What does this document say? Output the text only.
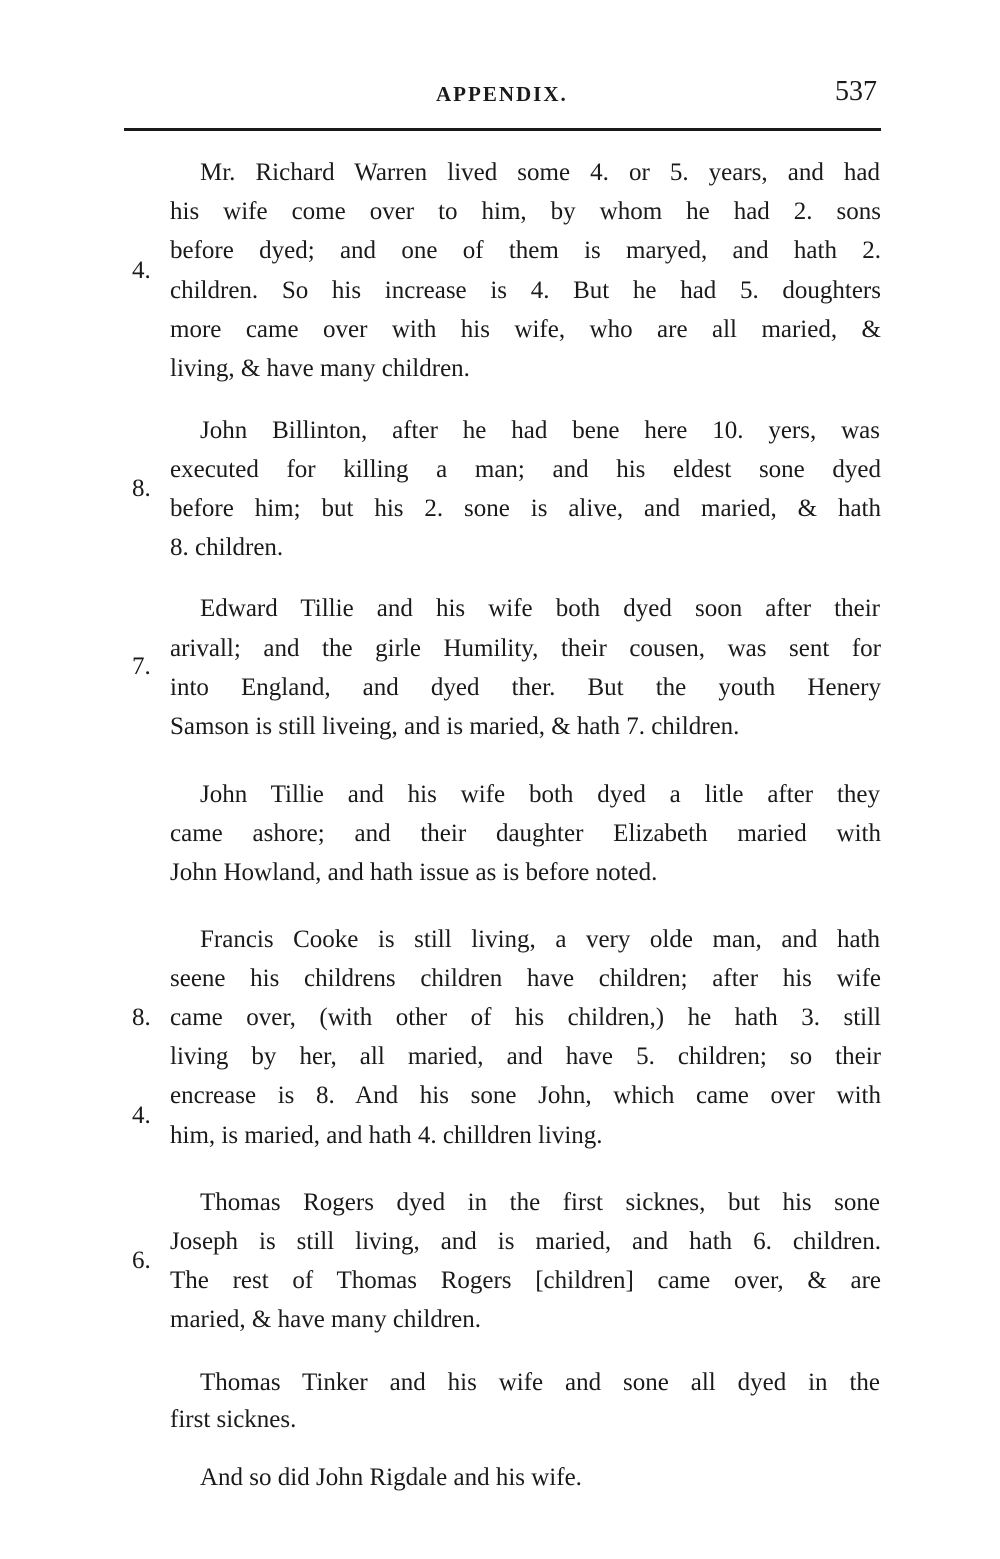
APPENDIX.	537
Mr. Richard Warren lived some 4. or 5. years, and had
his wife come over to him, by whom he had 2. sons
before dyed; and one of them is maryed, and hath 2.
children. So his increase is 4. But he had 5. doughters
more came over with his wife, who are all maried, &
living, & have many children.
4.
John Billinton, after he had bene here 10. yers, was
executed for killing a man; and his eldest sone dyed
before him; but his 2. sone is alive, and maried, & hath
8. children.
8.
Edward Tillie and his wife both dyed soon after their
arivall; and the girle Humility, their cousen, was sent for
into England, and dyed ther. But the youth Henery
Samson is still liveing, and is maried, & hath 7. children.
7.
John Tillie and his wife both dyed a litle after they
came ashore; and their daughter Elizabeth maried with
John Howland, and hath issue as is before noted.
Francis Cooke is still living, a very olde man, and hath
seene his childrens children have children; after his wife
came over, (with other of his children,) he hath 3. still
living by her, all maried, and have 5. children; so their
encrease is 8. And his sone John, which came over with
him, is maried, and hath 4. chilldren living.
8.
4.
Thomas Rogers dyed in the first sicknes, but his sone
Joseph is still living, and is maried, and hath 6. children.
The rest of Thomas Rogers [children] came over, & are
maried, & have many children.
6.
Thomas Tinker and his wife and sone all dyed in the
first sicknes.
And so did John Rigdale and his wife.
